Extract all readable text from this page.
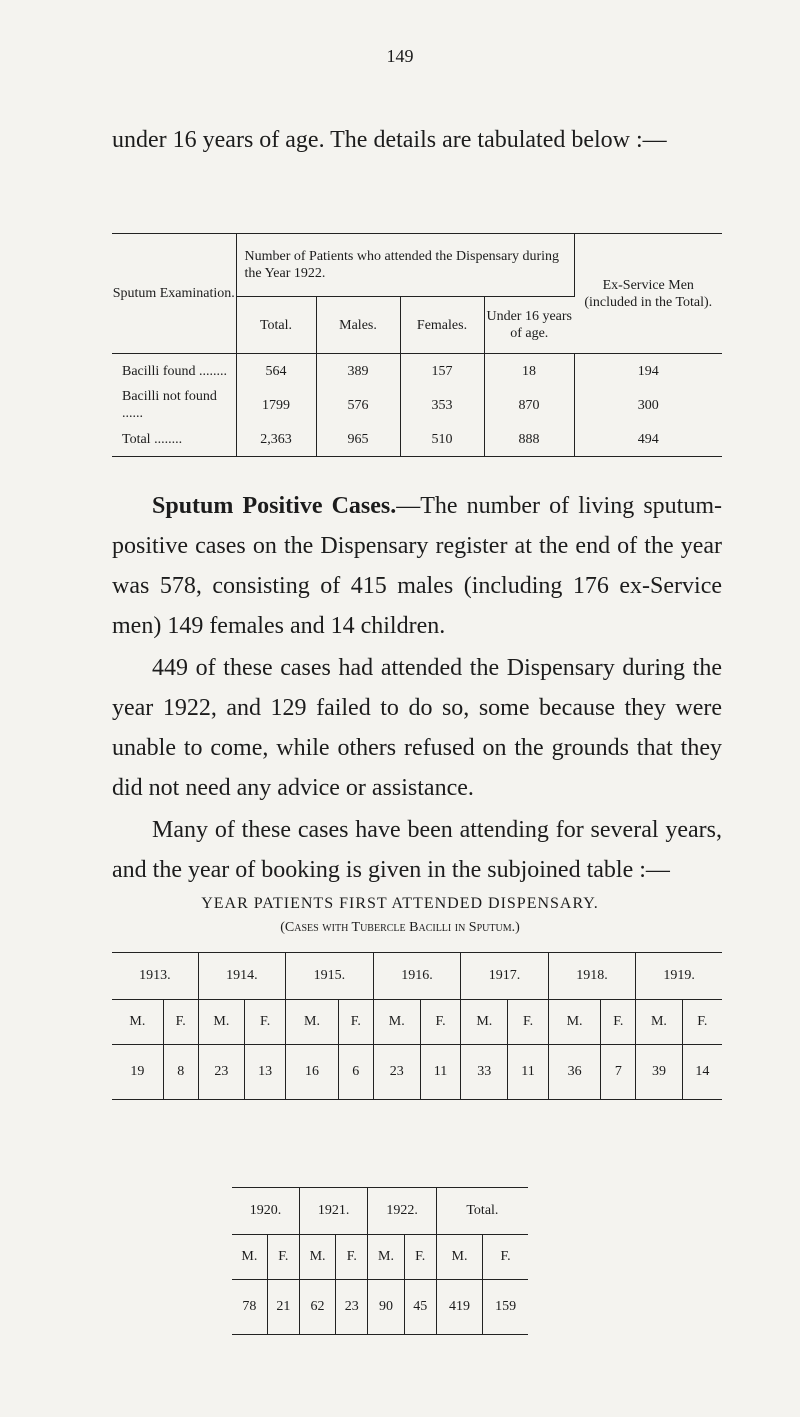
149

under 16 years of age. The details are tabulated below :—

Sputum Examination.	Number of Patients who attended the Dispensary during the Year 1922.				Ex-Service Men (included in the Total).
	Total.	Males.	Females.	Under 16 years of age.	
Bacilli found ........	564	389	157	18	194
Bacilli not found ......	1799	576	353	870	300
Total ........	2,363	965	510	888	494

Sputum Positive Cases.—The number of living sputum-positive cases on the Dispensary register at the end of the year was 578, consisting of 415 males (including 176 ex-Service men) 149 females and 14 children.

449 of these cases had attended the Dispensary during the year 1922, and 129 failed to do so, some because they were unable to come, while others refused on the grounds that they did not need any advice or assistance.

Many of these cases have been attending for several years, and the year of booking is given in the subjoined table :—

YEAR PATIENTS FIRST ATTENDED DISPENSARY.
(Cases with Tubercle Bacilli in Sputum.)
1913.		1914.		1915.		1916.		1917.		1918.		1919.	
M.	F.	M.	F.	M.	F.	M.	F.	M.	F.	M.	F.	M.	F.
19	8	23	13	16	6	23	11	33	11	36	7	39	14
1920.		1921.		1922.		Total.	
M.	F.	M.	F.	M.	F.	M.	F.
78	21	62	23	90	45	419	159
